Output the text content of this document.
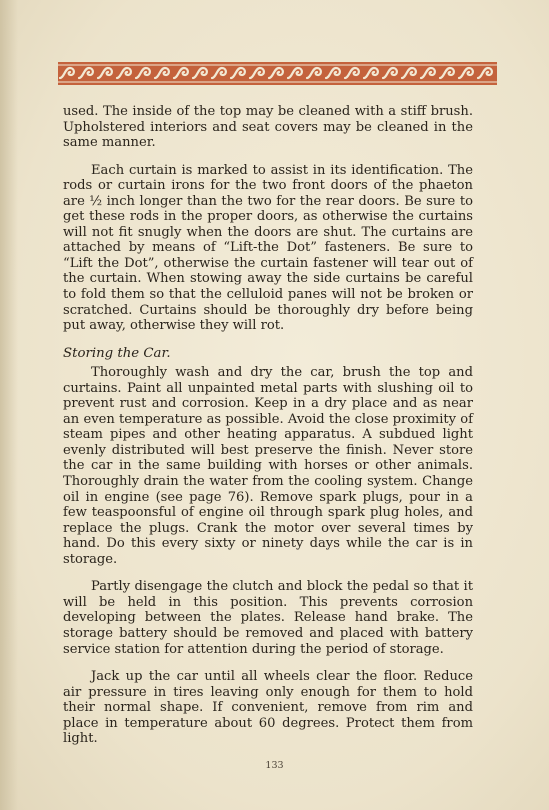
used. The inside of the top may be cleaned with a stiff brush. Upholstered interiors and seat covers may be cleaned in the same manner.

Each curtain is marked to assist in its identification. The rods or curtain irons for the two front doors of the phaeton are ½ inch longer than the two for the rear doors. Be sure to get these rods in the proper doors, as otherwise the curtains will not fit snugly when the doors are shut. The curtains are attached by means of “Lift-the Dot” fasteners. Be sure to “Lift the Dot”, otherwise the curtain fastener will tear out of the curtain. When stowing away the side curtains be careful to fold them so that the celluloid panes will not be broken or scratched. Curtains should be thoroughly dry before being put away, otherwise they will rot.

Storing the Car.

Thoroughly wash and dry the car, brush the top and curtains. Paint all unpainted metal parts with slushing oil to prevent rust and corrosion. Keep in a dry place and as near an even temperature as possible. Avoid the close proximity of steam pipes and other heating apparatus. A subdued light evenly distributed will best preserve the finish. Never store the car in the same building with horses or other animals. Thoroughly drain the water from the cooling system. Change oil in engine (see page 76). Remove spark plugs, pour in a few teaspoonsful of engine oil through spark plug holes, and replace the plugs. Crank the motor over several times by hand. Do this every sixty or ninety days while the car is in storage.

Partly disengage the clutch and block the pedal so that it will be held in this position. This prevents corrosion developing between the plates. Release hand brake. The storage battery should be removed and placed with battery service station for attention during the period of storage.

Jack up the car until all wheels clear the floor. Reduce air pressure in tires leaving only enough for them to hold their normal shape. If convenient, remove from rim and place in temperature about 60 degrees. Protect them from light.

133
